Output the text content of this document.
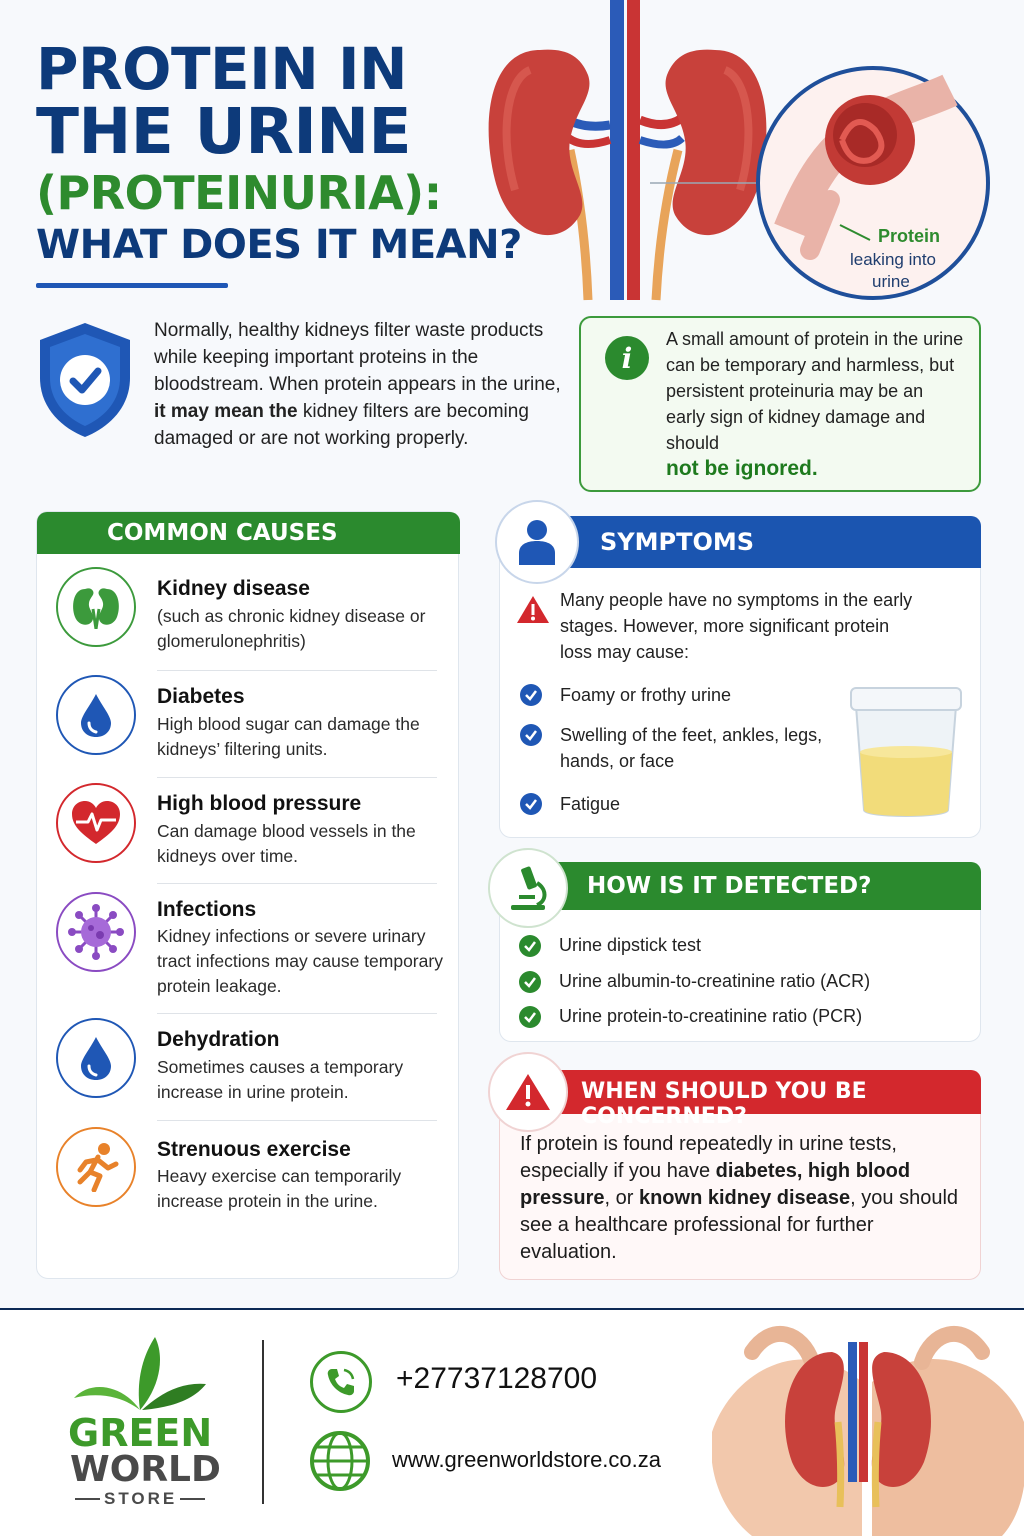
PROTEIN IN
THE URINE
(PROTEINURIA):
WHAT DOES IT MEAN?	Protein
leaking into
urine
Normally, healthy kidneys filter waste products while keeping important proteins in the bloodstream. When protein appears in the urine, it may mean the kidney filters are becoming damaged or are not working properly.
i
A small amount of protein in the urine can be temporary and harmless, but persistent proteinuria may be an early sign of kidney damage and should
not be ignored.
COMMON CAUSES
Kidney disease
(such as chronic kidney disease or glomerulonephritis)
Diabetes
High blood sugar can damage the kidneys’ filtering units.
High blood pressure
Can damage blood vessels in the kidneys over time.
Infections
Kidney infections or severe urinary tract infections may cause temporary protein leakage.
Dehydration
Sometimes causes a temporary increase in urine protein.
Strenuous exercise
Heavy exercise can temporarily increase protein in the urine.
SYMPTOMS
Many people have no symptoms in the early stages. However, more significant protein loss may cause:
Foamy or frothy urine
Swelling of the feet, ankles, legs, hands, or face
Fatigue
HOW IS IT DETECTED?
Urine dipstick test
Urine albumin-to-creatinine ratio (ACR)
Urine protein-to-creatinine ratio (PCR)
WHEN SHOULD YOU BE CONCERNED?
If protein is found repeatedly in urine tests, especially if you have diabetes, high blood pressure, or known kidney disease, you should see a healthcare professional for further evaluation.
GREEN
WORLD
STORE
+27737128700
www.greenworldstore.co.za
